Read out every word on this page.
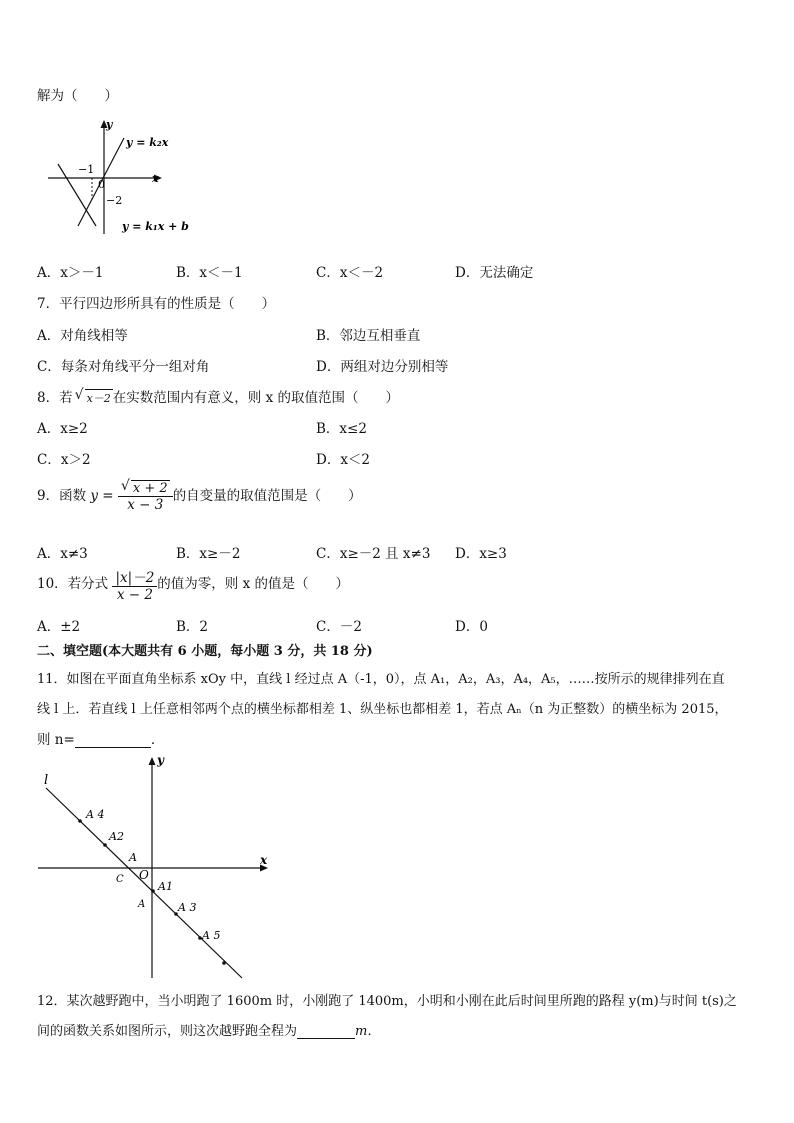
解为（　　）
y
x
−1
0
−2
y = k₂x
y = k₁x + b
A．x＞－1	B．x＜－1	C．x＜－2	D．无法确定
7．平行四边形所具有的性质是（　　）
A．对角线相等	B．邻边互相垂直
C．每条对角线平分一组对角	D．两组对边分别相等
8．若 √ x－2 在实数范围内有意义，则 x 的取值范围（　　）
A．x≥2	B．x≤2
C．x＞2	D．x＜2
9．函数 y = √ $\frac{x + 2}{x - 3}$ 的自变量的取值范围是（　　）
A．x≠3	B．x≥－2	C．x≥－2 且 x≠3 D．x≥3
10．若分式 $\frac{|x|-2}{x - 2}$ 的值为零，则 x 的值是（　　）
A．±2	B．2	C．－2	D．0
二、填空题(本大题共有 6 小题，每小题 3 分，共 18 分)
11．如图在平面直角坐标系 xOy 中，直线 l 经过点 A（-1，0），点 A₁，A₂，A₃，A₄，A₅，……按所示的规律排列在直
线 l 上．若直线 l 上任意相邻两个点的横坐标都相差 1、纵坐标也都相差 1，若点 Aₙ（n 为正整数）的横坐标为 2015，
则 n=	．
l
y
x
A 4
A2
A
C O
A1
A	A 3
A 5
12．某次越野跑中，当小明跑了 1600m 时，小刚跑了 1400m，小明和小刚在此后时间里所跑的路程 y(m)与时间 t(s)之
间的函数关系如图所示，则这次越野跑全程为	m．
